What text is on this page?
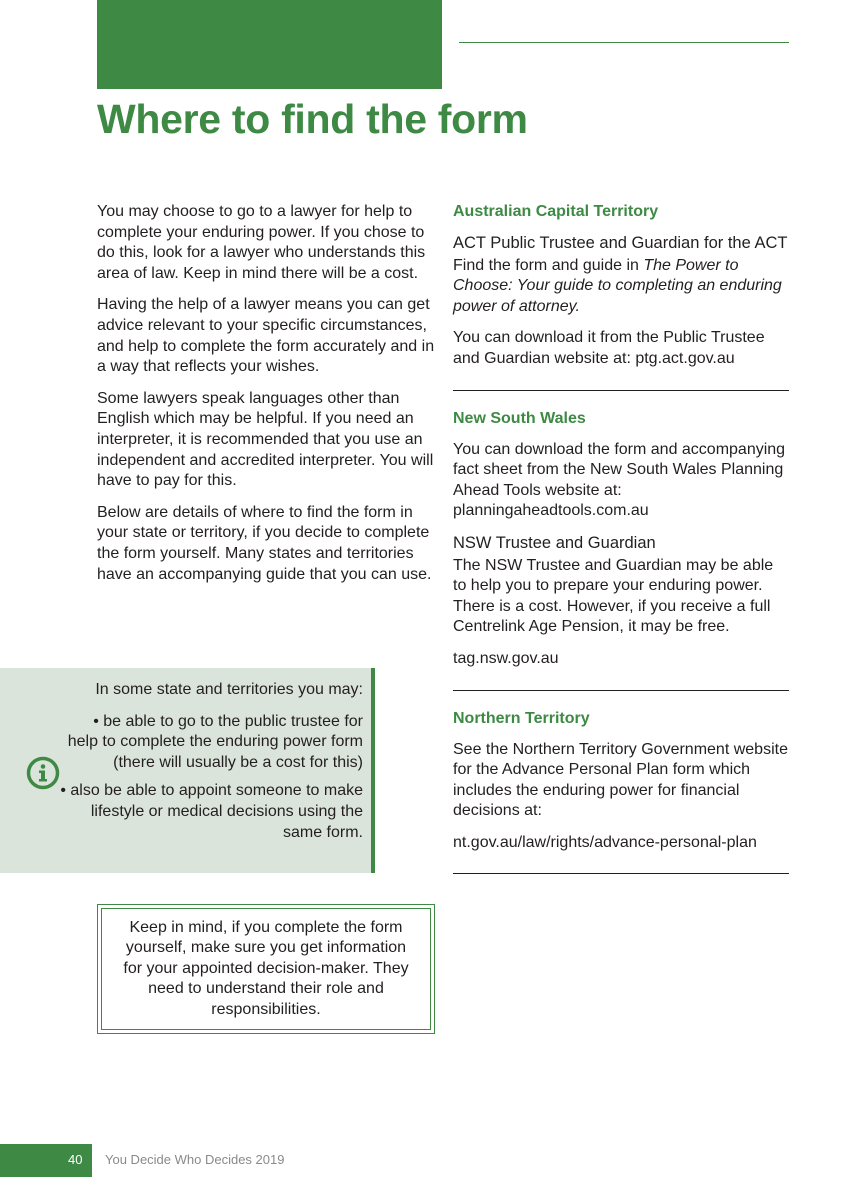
Where to find the form

You may choose to go to a lawyer for help to complete your enduring power. If you chose to do this, look for a lawyer who understands this area of law. Keep in mind there will be a cost.

Having the help of a lawyer means you can get advice relevant to your specific circumstances, and help to complete the form accurately and in a way that reflects your wishes.

Some lawyers speak languages other than English which may be helpful. If you need an interpreter, it is recommended that you use an independent and accredited interpreter. You will have to pay for this.

Below are details of where to find the form in your state or territory, if you decide to complete the form yourself. Many states and territories have an accompanying guide that you can use.

In some state and territories you may:

• be able to go to the public trustee for help to complete the enduring power form (there will usually be a cost for this)

• also be able to appoint someone to make lifestyle or medical decisions using the same form.

Keep in mind, if you complete the form yourself, make sure you get information for your appointed decision-maker. They need to understand their role and responsibilities.
Australian Capital Territory
ACT Public Trustee and Guardian for the ACT

Find the form and guide in The Power to Choose: Your guide to completing an enduring power of attorney.

You can download it from the Public Trustee and Guardian website at: ptg.act.gov.au

New South Wales

You can download the form and accompanying fact sheet from the New South Wales Planning Ahead Tools website at: planningaheadtools.com.au

NSW Trustee and Guardian

The NSW Trustee and Guardian may be able to help you to prepare your enduring power. There is a cost. However, if you receive a full Centrelink Age Pension, it may be free.

tag.nsw.gov.au

Northern Territory

See the Northern Territory Government website for the Advance Personal Plan form which includes the enduring power for financial decisions at:

nt.gov.au/law/rights/advance-personal-plan

40 You Decide Who Decides 2019
